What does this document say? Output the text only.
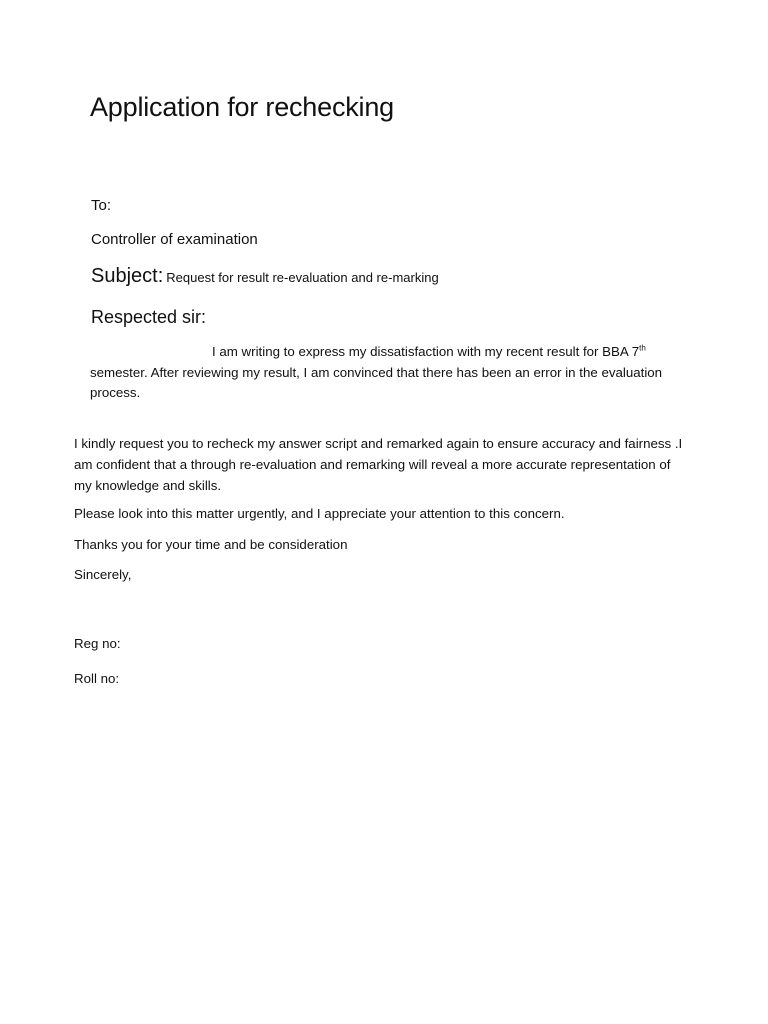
Application for rechecking
To:
Controller of examination
Subject: Request for result re-evaluation and re-marking
Respected sir:
I am writing to express my dissatisfaction with my recent result for BBA 7th semester. After reviewing my result, I am convinced that there has been an error in the evaluation process.
I kindly request you to recheck my answer script and remarked again to ensure accuracy and fairness .I am confident that a through re-evaluation and remarking will reveal a more accurate representation of my knowledge and skills.
Please look into this matter urgently, and I appreciate your attention to this concern.
Thanks you for your time and be consideration
Sincerely,
Reg no:
Roll no:
